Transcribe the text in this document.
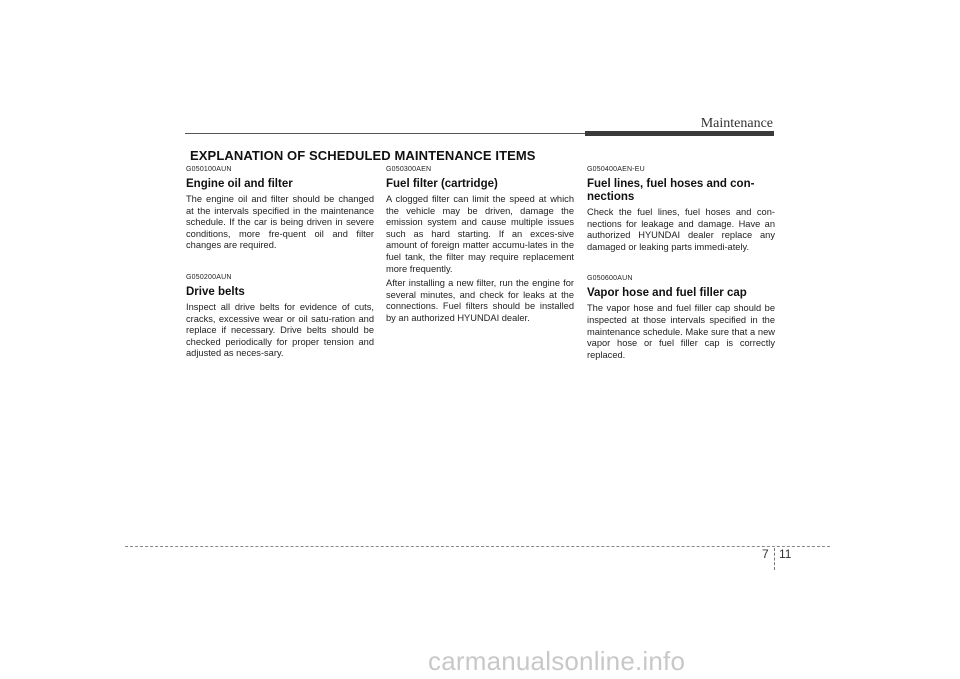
Maintenance
EXPLANATION OF SCHEDULED MAINTENANCE ITEMS
G050100AUN
Engine oil and filter

The engine oil and filter should be changed at the intervals specified in the maintenance schedule. If the car is being driven in severe conditions, more fre-quent oil and filter changes are required.

G050200AUN
Drive belts

Inspect all drive belts for evidence of cuts, cracks, excessive wear or oil satu-ration and replace if necessary. Drive belts should be checked periodically for proper tension and adjusted as neces-sary.

G050300AEN
Fuel filter (cartridge)

A clogged filter can limit the speed at which the vehicle may be driven, damage the emission system and cause multiple issues such as hard starting. If an exces-sive amount of foreign matter accumu-lates in the fuel tank, the filter may require replacement more frequently.

After installing a new filter, run the engine for several minutes, and check for leaks at the connections. Fuel filters should be installed by an authorized HYUNDAI dealer.

G050400AEN-EU
Fuel lines, fuel hoses and con-nections

Check the fuel lines, fuel hoses and con-nections for leakage and damage. Have an authorized HYUNDAI dealer replace any damaged or leaking parts immedi-ately.

G050600AUN
Vapor hose and fuel filler cap

The vapor hose and fuel filler cap should be inspected at those intervals specified in the maintenance schedule. Make sure that a new vapor hose or fuel filler cap is correctly replaced.

7 11
carmanualsonline.info
